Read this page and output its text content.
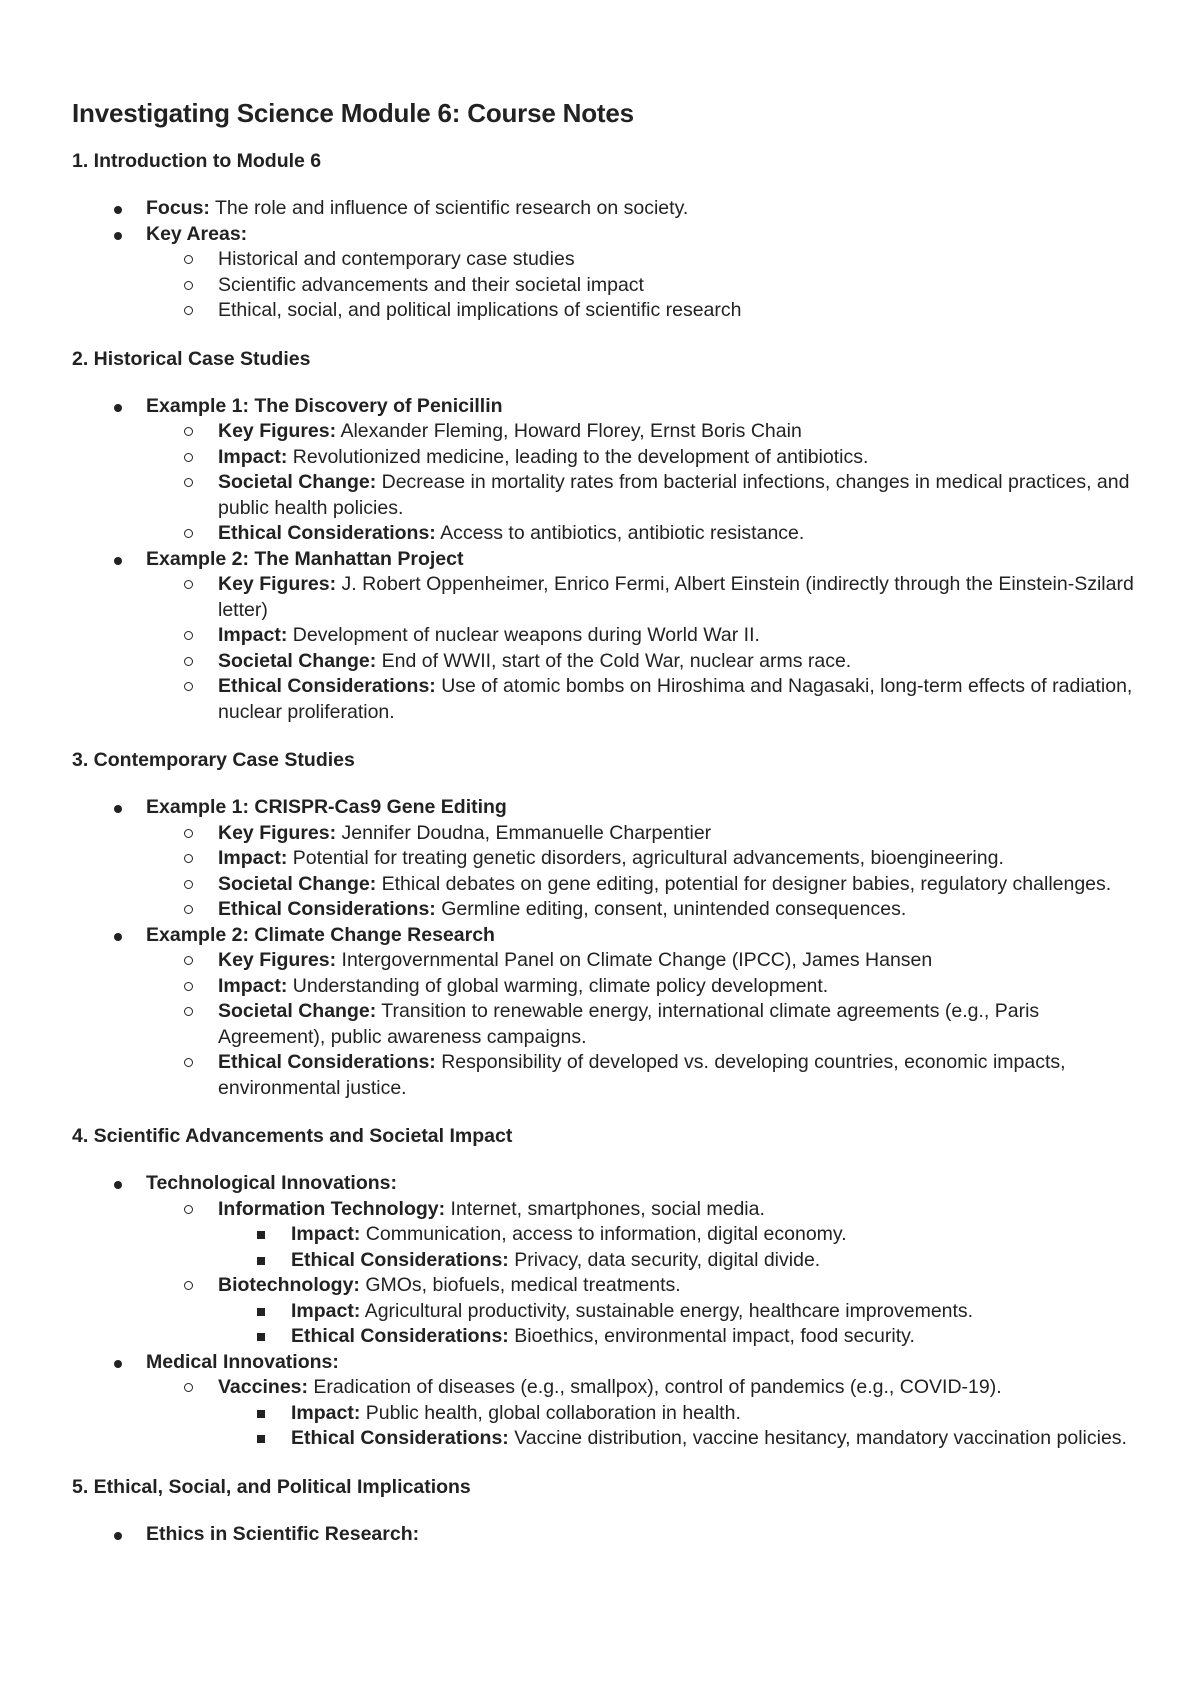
Investigating Science Module 6: Course Notes
1. Introduction to Module 6
Focus: The role and influence of scientific research on society.
Key Areas:
Historical and contemporary case studies
Scientific advancements and their societal impact
Ethical, social, and political implications of scientific research
2. Historical Case Studies
Example 1: The Discovery of Penicillin
Key Figures: Alexander Fleming, Howard Florey, Ernst Boris Chain
Impact: Revolutionized medicine, leading to the development of antibiotics.
Societal Change: Decrease in mortality rates from bacterial infections, changes in medical practices, and public health policies.
Ethical Considerations: Access to antibiotics, antibiotic resistance.
Example 2: The Manhattan Project
Key Figures: J. Robert Oppenheimer, Enrico Fermi, Albert Einstein (indirectly through the Einstein-Szilard letter)
Impact: Development of nuclear weapons during World War II.
Societal Change: End of WWII, start of the Cold War, nuclear arms race.
Ethical Considerations: Use of atomic bombs on Hiroshima and Nagasaki, long-term effects of radiation, nuclear proliferation.
3. Contemporary Case Studies
Example 1: CRISPR-Cas9 Gene Editing
Key Figures: Jennifer Doudna, Emmanuelle Charpentier
Impact: Potential for treating genetic disorders, agricultural advancements, bioengineering.
Societal Change: Ethical debates on gene editing, potential for designer babies, regulatory challenges.
Ethical Considerations: Germline editing, consent, unintended consequences.
Example 2: Climate Change Research
Key Figures: Intergovernmental Panel on Climate Change (IPCC), James Hansen
Impact: Understanding of global warming, climate policy development.
Societal Change: Transition to renewable energy, international climate agreements (e.g., Paris Agreement), public awareness campaigns.
Ethical Considerations: Responsibility of developed vs. developing countries, economic impacts, environmental justice.
4. Scientific Advancements and Societal Impact
Technological Innovations:
Information Technology: Internet, smartphones, social media.
Impact: Communication, access to information, digital economy.
Ethical Considerations: Privacy, data security, digital divide.
Biotechnology: GMOs, biofuels, medical treatments.
Impact: Agricultural productivity, sustainable energy, healthcare improvements.
Ethical Considerations: Bioethics, environmental impact, food security.
Medical Innovations:
Vaccines: Eradication of diseases (e.g., smallpox), control of pandemics (e.g., COVID-19).
Impact: Public health, global collaboration in health.
Ethical Considerations: Vaccine distribution, vaccine hesitancy, mandatory vaccination policies.
5. Ethical, Social, and Political Implications
Ethics in Scientific Research:
